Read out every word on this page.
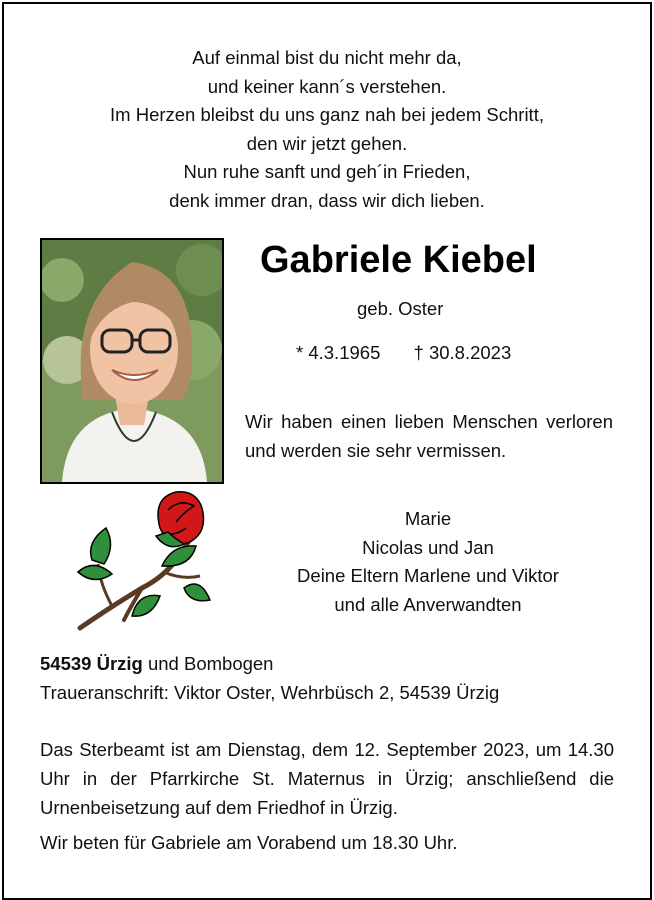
Auf einmal bist du nicht mehr da,
und keiner kann´s verstehen.
Im Herzen bleibst du uns ganz nah bei jedem Schritt,
den wir jetzt gehen.
Nun ruhe sanft und geh´in Frieden,
denk immer dran, dass wir dich lieben.
Gabriele Kiebel
geb. Oster
* 4.3.1965 † 30.8.2023
Wir haben einen lieben Menschen verloren und werden sie sehr vermissen.
Marie
Nicolas und Jan
Deine Eltern Marlene und Viktor
und alle Anverwandten
54539 Ürzig und Bombogen
Traueranschrift: Viktor Oster, Wehrbüsch 2, 54539 Ürzig
Das Sterbeamt ist am Dienstag, dem 12. September 2023, um 14.30 Uhr in der Pfarrkirche St. Maternus in Ürzig; anschließend die Urnenbeisetzung auf dem Friedhof in Ürzig.
Wir beten für Gabriele am Vorabend um 18.30 Uhr.
